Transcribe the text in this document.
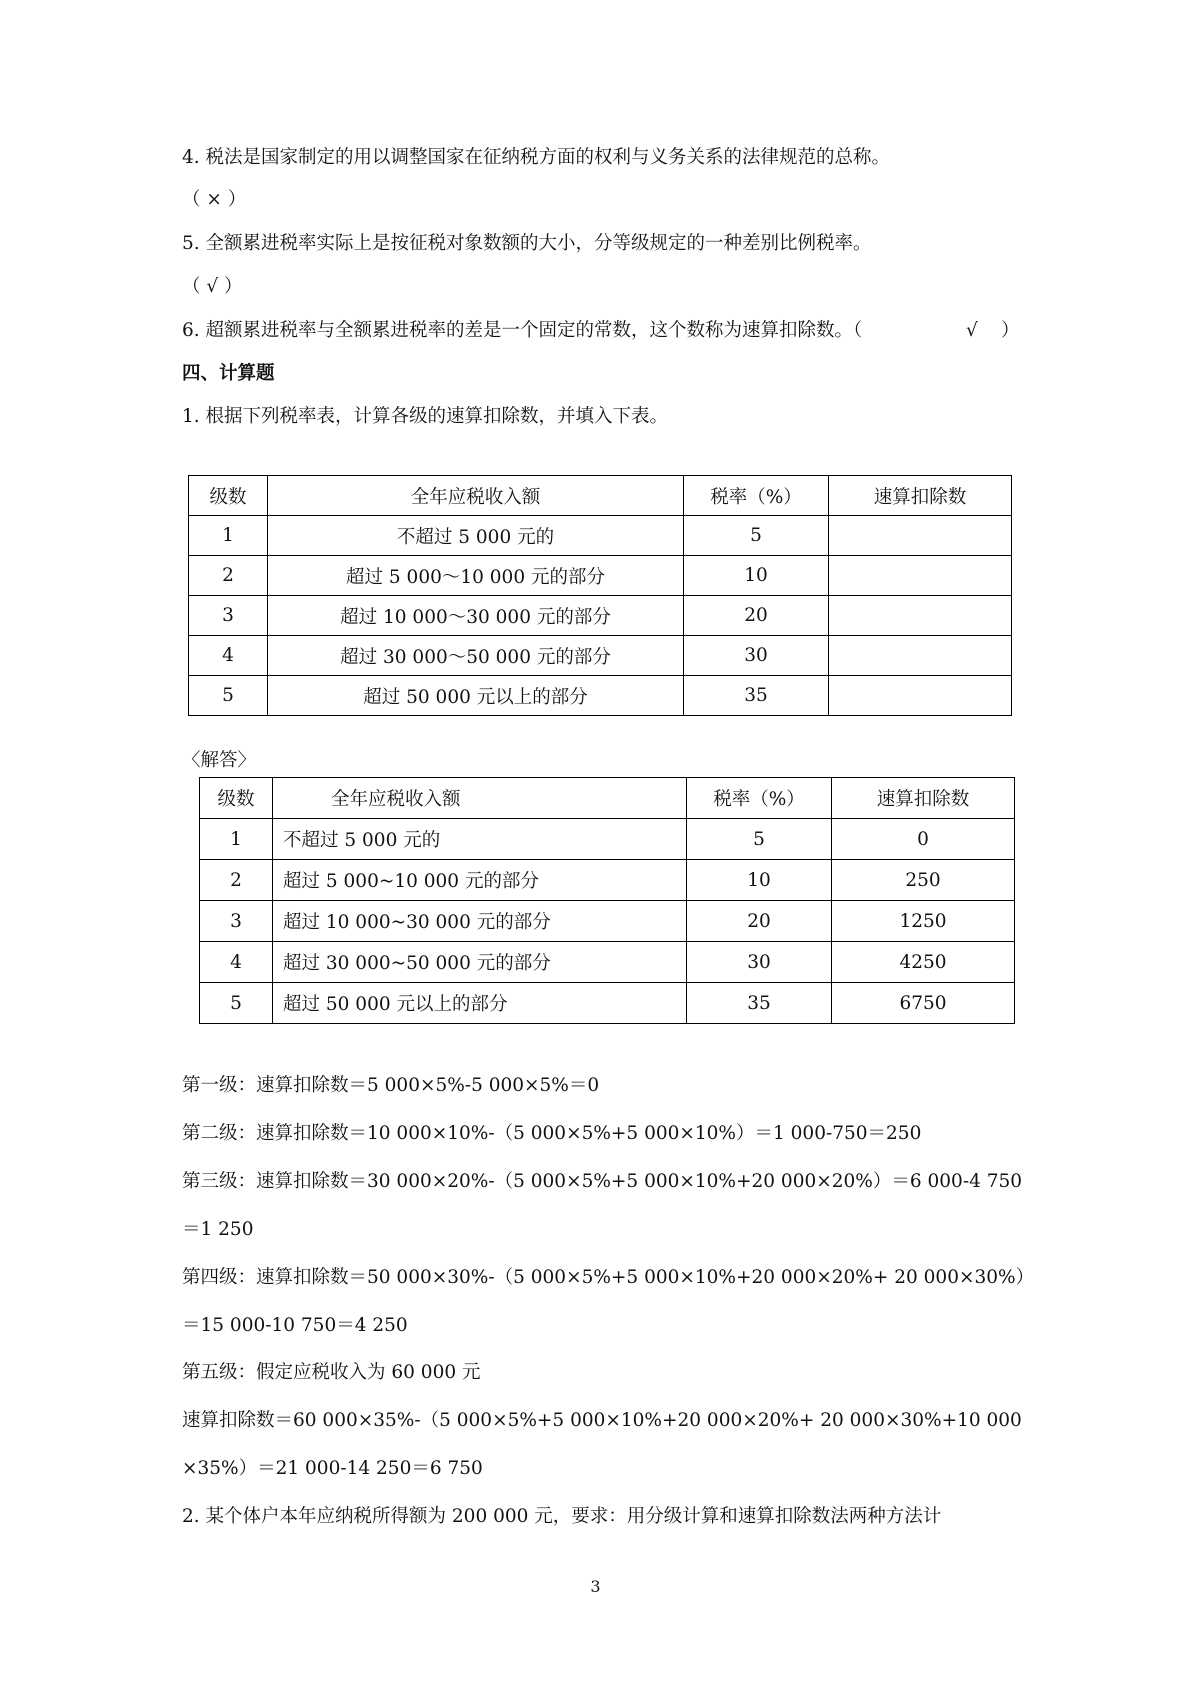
4. 税法是国家制定的用以调整国家在征纳税方面的权利与义务关系的法律规范的总称。

（ × ）

5. 全额累进税率实际上是按征税对象数额的大小，分等级规定的一种差别比例税率。

（ √ ）

6. 超额累进税率与全额累进税率的差是一个固定的常数，这个数称为速算扣除数。（	√ ）

四、计算题

1. 根据下列税率表，计算各级的速算扣除数，并填入下表。

级数	全年应税收入额	税率（%）	速算扣除数
1	不超过 5 000 元的	5	
2	超过 5 000～10 000 元的部分	10	
3	超过 10 000～30 000 元的部分	20	
4	超过 30 000～50 000 元的部分	30	
5	超过 50 000 元以上的部分	35	

〈解答〉

级数	全年应税收入额	税率（%）	速算扣除数
1	不超过 5 000 元的	5	0
2	超过 5 000~10 000 元的部分	10	250
3	超过 10 000~30 000 元的部分	20	1250
4	超过 30 000~50 000 元的部分	30	4250
5	超过 50 000 元以上的部分	35	6750

第一级：速算扣除数＝5 000×5%-5 000×5%＝0

第二级：速算扣除数＝10 000×10%-（5 000×5%+5 000×10%）＝1 000-750＝250

第三级：速算扣除数＝30 000×20%-（5 000×5%+5 000×10%+20 000×20%）＝6 000-4 750

＝1 250

第四级：速算扣除数＝50 000×30%-（5 000×5%+5 000×10%+20 000×20%+ 20 000×30%）

＝15 000-10 750＝4 250

第五级：假定应税收入为 60 000 元

速算扣除数＝60 000×35%-（5 000×5%+5 000×10%+20 000×20%+ 20 000×30%+10 000

×35%）＝21 000-14 250＝6 750

2. 某个体户本年应纳税所得额为 200 000 元，要求：用分级计算和速算扣除数法两种方法计

3
